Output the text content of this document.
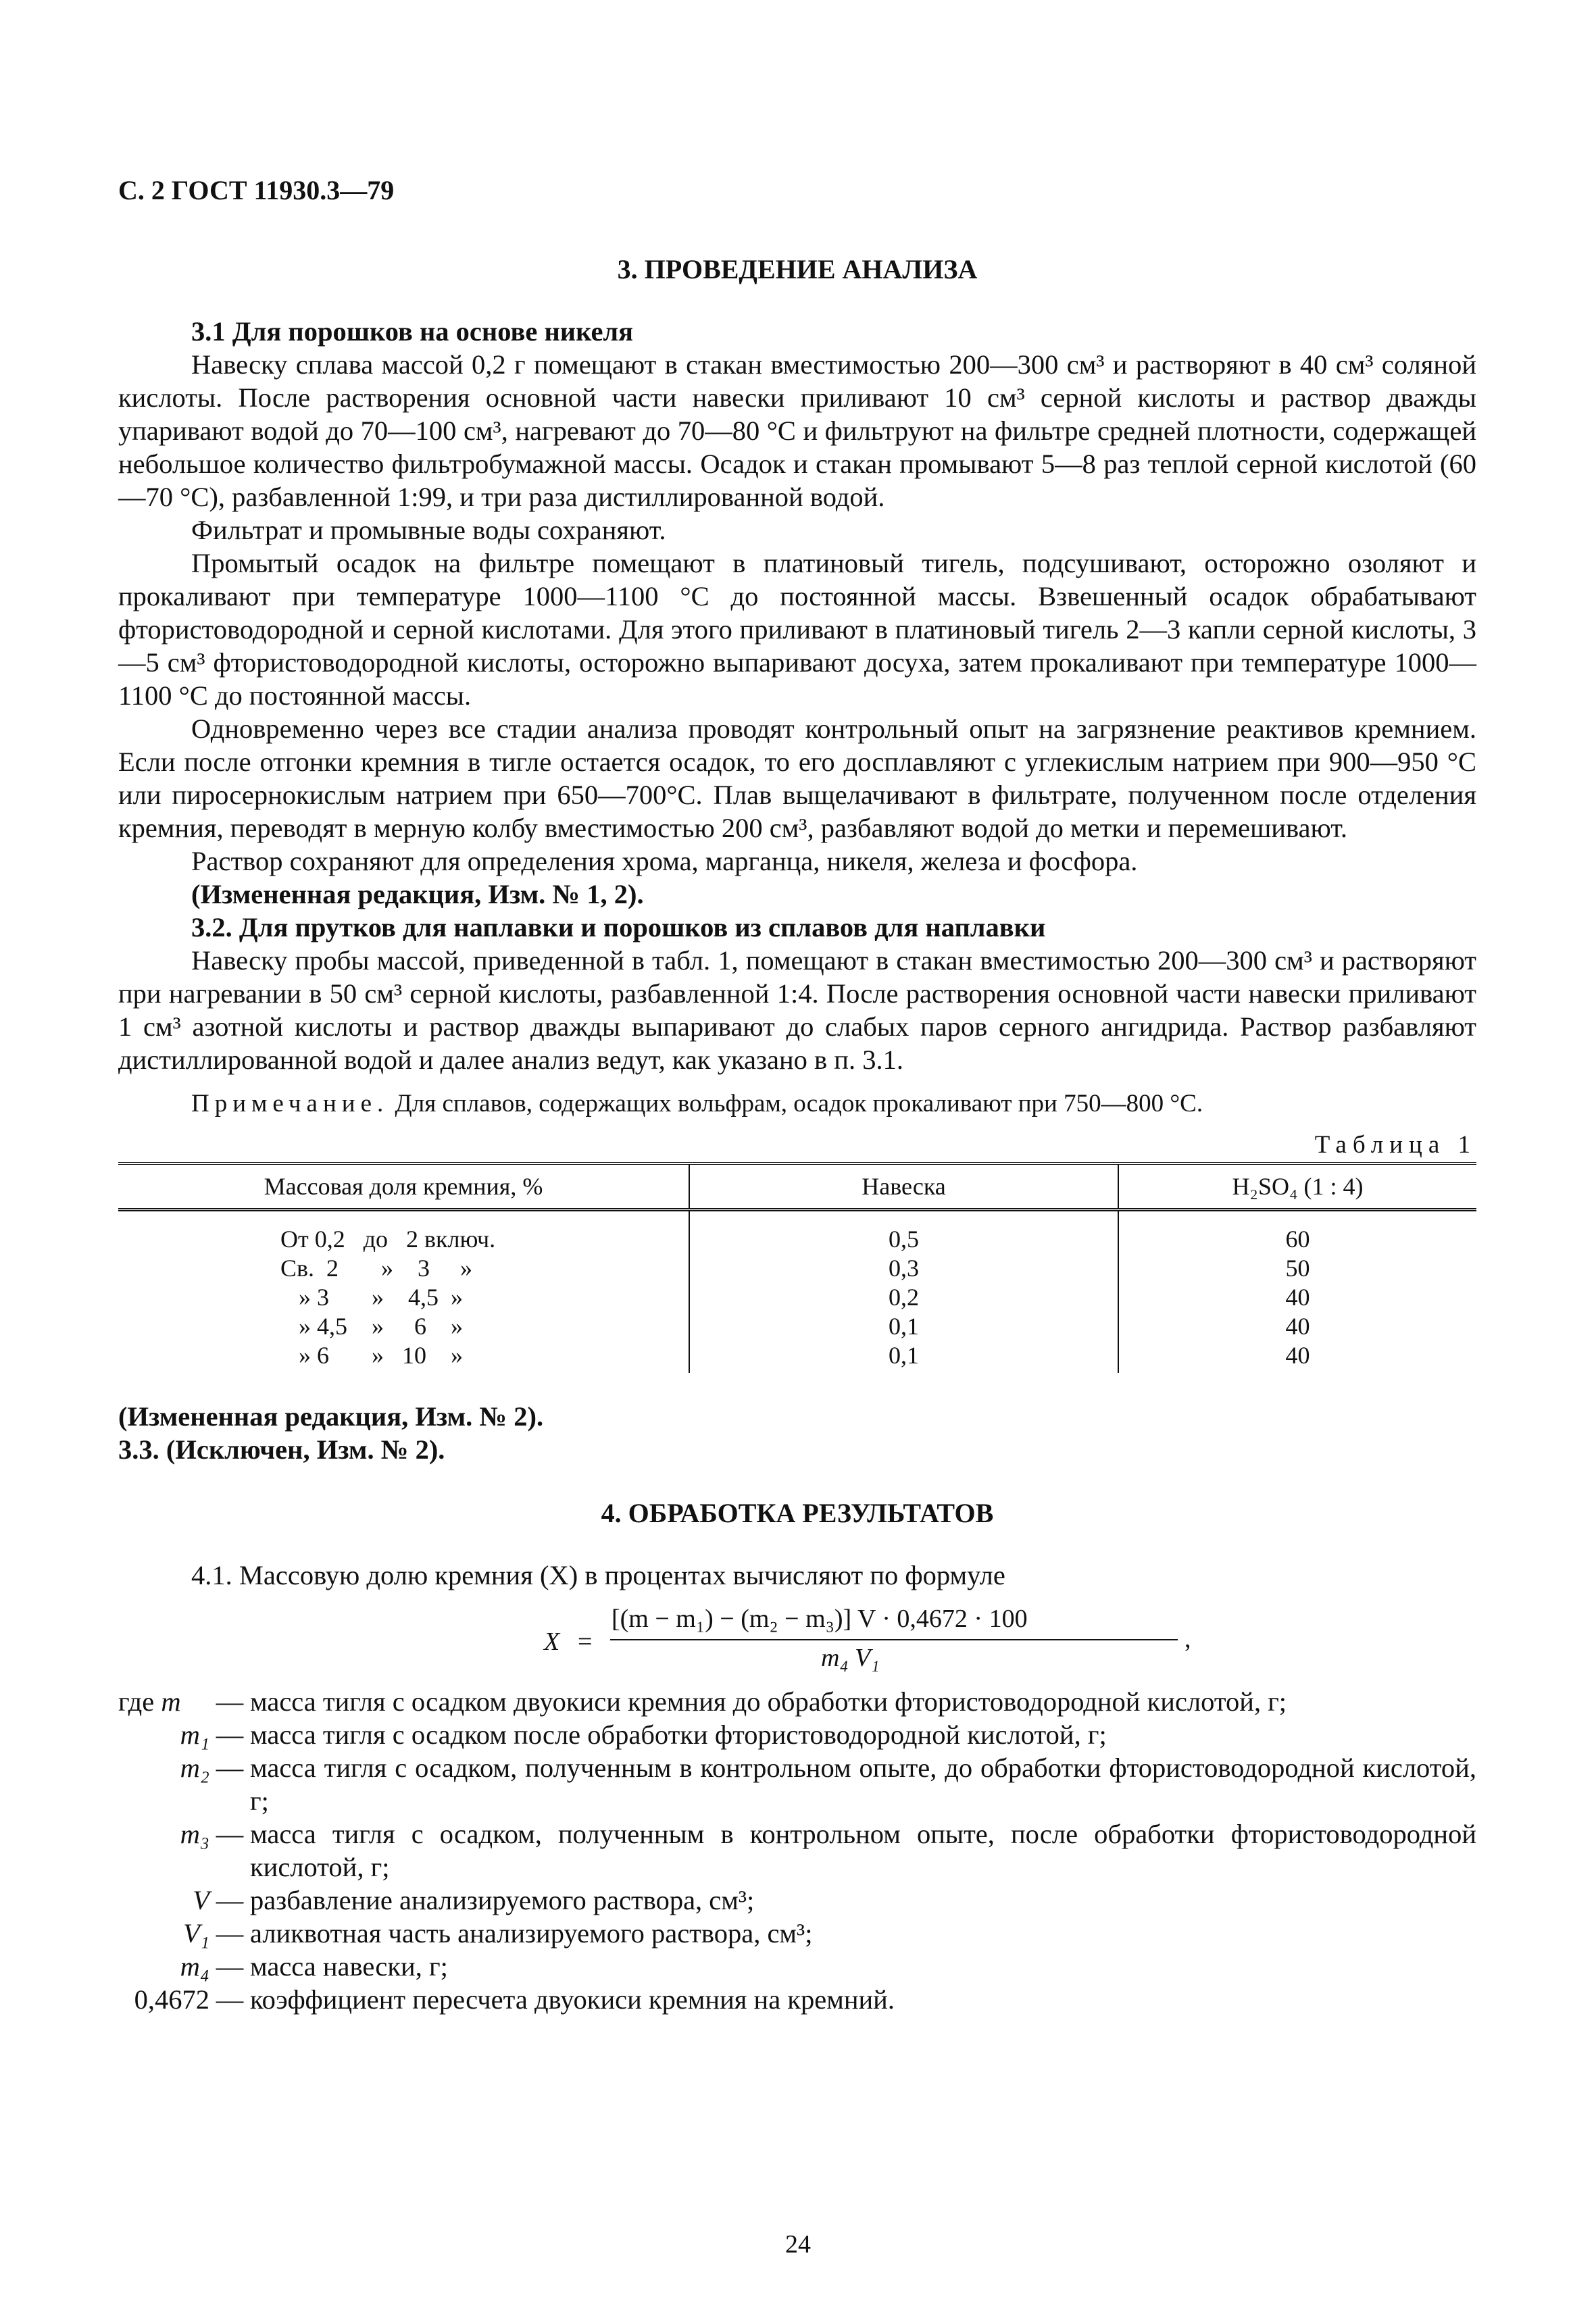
С. 2 ГОСТ 11930.3—79
3. ПРОВЕДЕНИЕ АНАЛИЗА

3.1 Для порошков на основе никеля

Навеску сплава массой 0,2 г помещают в стакан вместимостью 200—300 см³ и растворяют в 40 см³ соляной кислоты. После растворения основной части навески приливают 10 см³ серной кислоты и раствор дважды упаривают водой до 70—100 см³, нагревают до 70—80 °С и фильтруют на фильтре средней плотности, содержащей небольшое количество фильтробумажной массы. Осадок и стакан промывают 5—8 раз теплой серной кислотой (60—70 °С), разбавленной 1:99, и три раза дистиллированной водой.

Фильтрат и промывные воды сохраняют.

Промытый осадок на фильтре помещают в платиновый тигель, подсушивают, осторожно озоляют и прокаливают при температуре 1000—1100 °С до постоянной массы. Взвешенный осадок обрабатывают фтористоводородной и серной кислотами. Для этого приливают в платиновый тигель 2—3 капли серной кислоты, 3—5 см³ фтористоводородной кислоты, осторожно выпаривают досуха, затем прокаливают при температуре 1000—1100 °С до постоянной массы.

Одновременно через все стадии анализа проводят контрольный опыт на загрязнение реактивов кремнием. Если после отгонки кремния в тигле остается осадок, то его досплавляют с углекислым натрием при 900—950 °С или пиросернокислым натрием при 650—700°С. Плав выщелачивают в фильтрате, полученном после отделения кремния, переводят в мерную колбу вместимостью 200 см³, разбавляют водой до метки и перемешивают.

Раствор сохраняют для определения хрома, марганца, никеля, железа и фосфора.

(Измененная редакция, Изм. № 1, 2).

3.2. Для прутков для наплавки и порошков из сплавов для наплавки

Навеску пробы массой, приведенной в табл. 1, помещают в стакан вместимостью 200—300 см³ и растворяют при нагревании в 50 см³ серной кислоты, разбавленной 1:4. После растворения основной части навески приливают 1 см³ азотной кислоты и раствор дважды выпаривают до слабых паров серного ангидрида. Раствор разбавляют дистиллированной водой и далее анализ ведут, как указано в п. 3.1.

Примечание. Для сплавов, содержащих вольфрам, осадок прокаливают при 750—800 °С.

Таблица 1

Массовая доля кремния, %	Навеска	H₂SO₄ (1 : 4)
От 0,2   до   2 включ.	0,5	60
Св.  2       »    3     »	0,3	50
» 3       »    4,5  »	0,2	40
» 4,5    »     6    »	0,1	40
» 6       »   10    »	0,1	40

(Измененная редакция, Изм. № 2).

3.3. (Исключен, Изм. № 2).

4. ОБРАБОТКА РЕЗУЛЬТАТОВ

4.1. Массовую долю кремния (X) в процентах вычисляют по формуле

X =
[(m − m₁) − (m₂ − m₃)] V · 0,4672 · 100
m₄ V₁
,
где m	— масса тигля с осадком двуокиси кремния до обработки фтористоводородной кислотой, г;
m₁ — масса тигля с осадком после обработки фтористоводородной кислотой, г;
m₂ — масса тигля с осадком, полученным в контрольном опыте, до обработки фтористоводородной кислотой, г;
m₃ — масса тигля с осадком, полученным в контрольном опыте, после обработки фтористоводородной кислотой, г;
V — разбавление анализируемого раствора, см³;
V₁ — аликвотная часть анализируемого раствора, см³;
m₄ — масса навески, г;
0,4672 — коэффициент пересчета двуокиси кремния на кремний.
24
